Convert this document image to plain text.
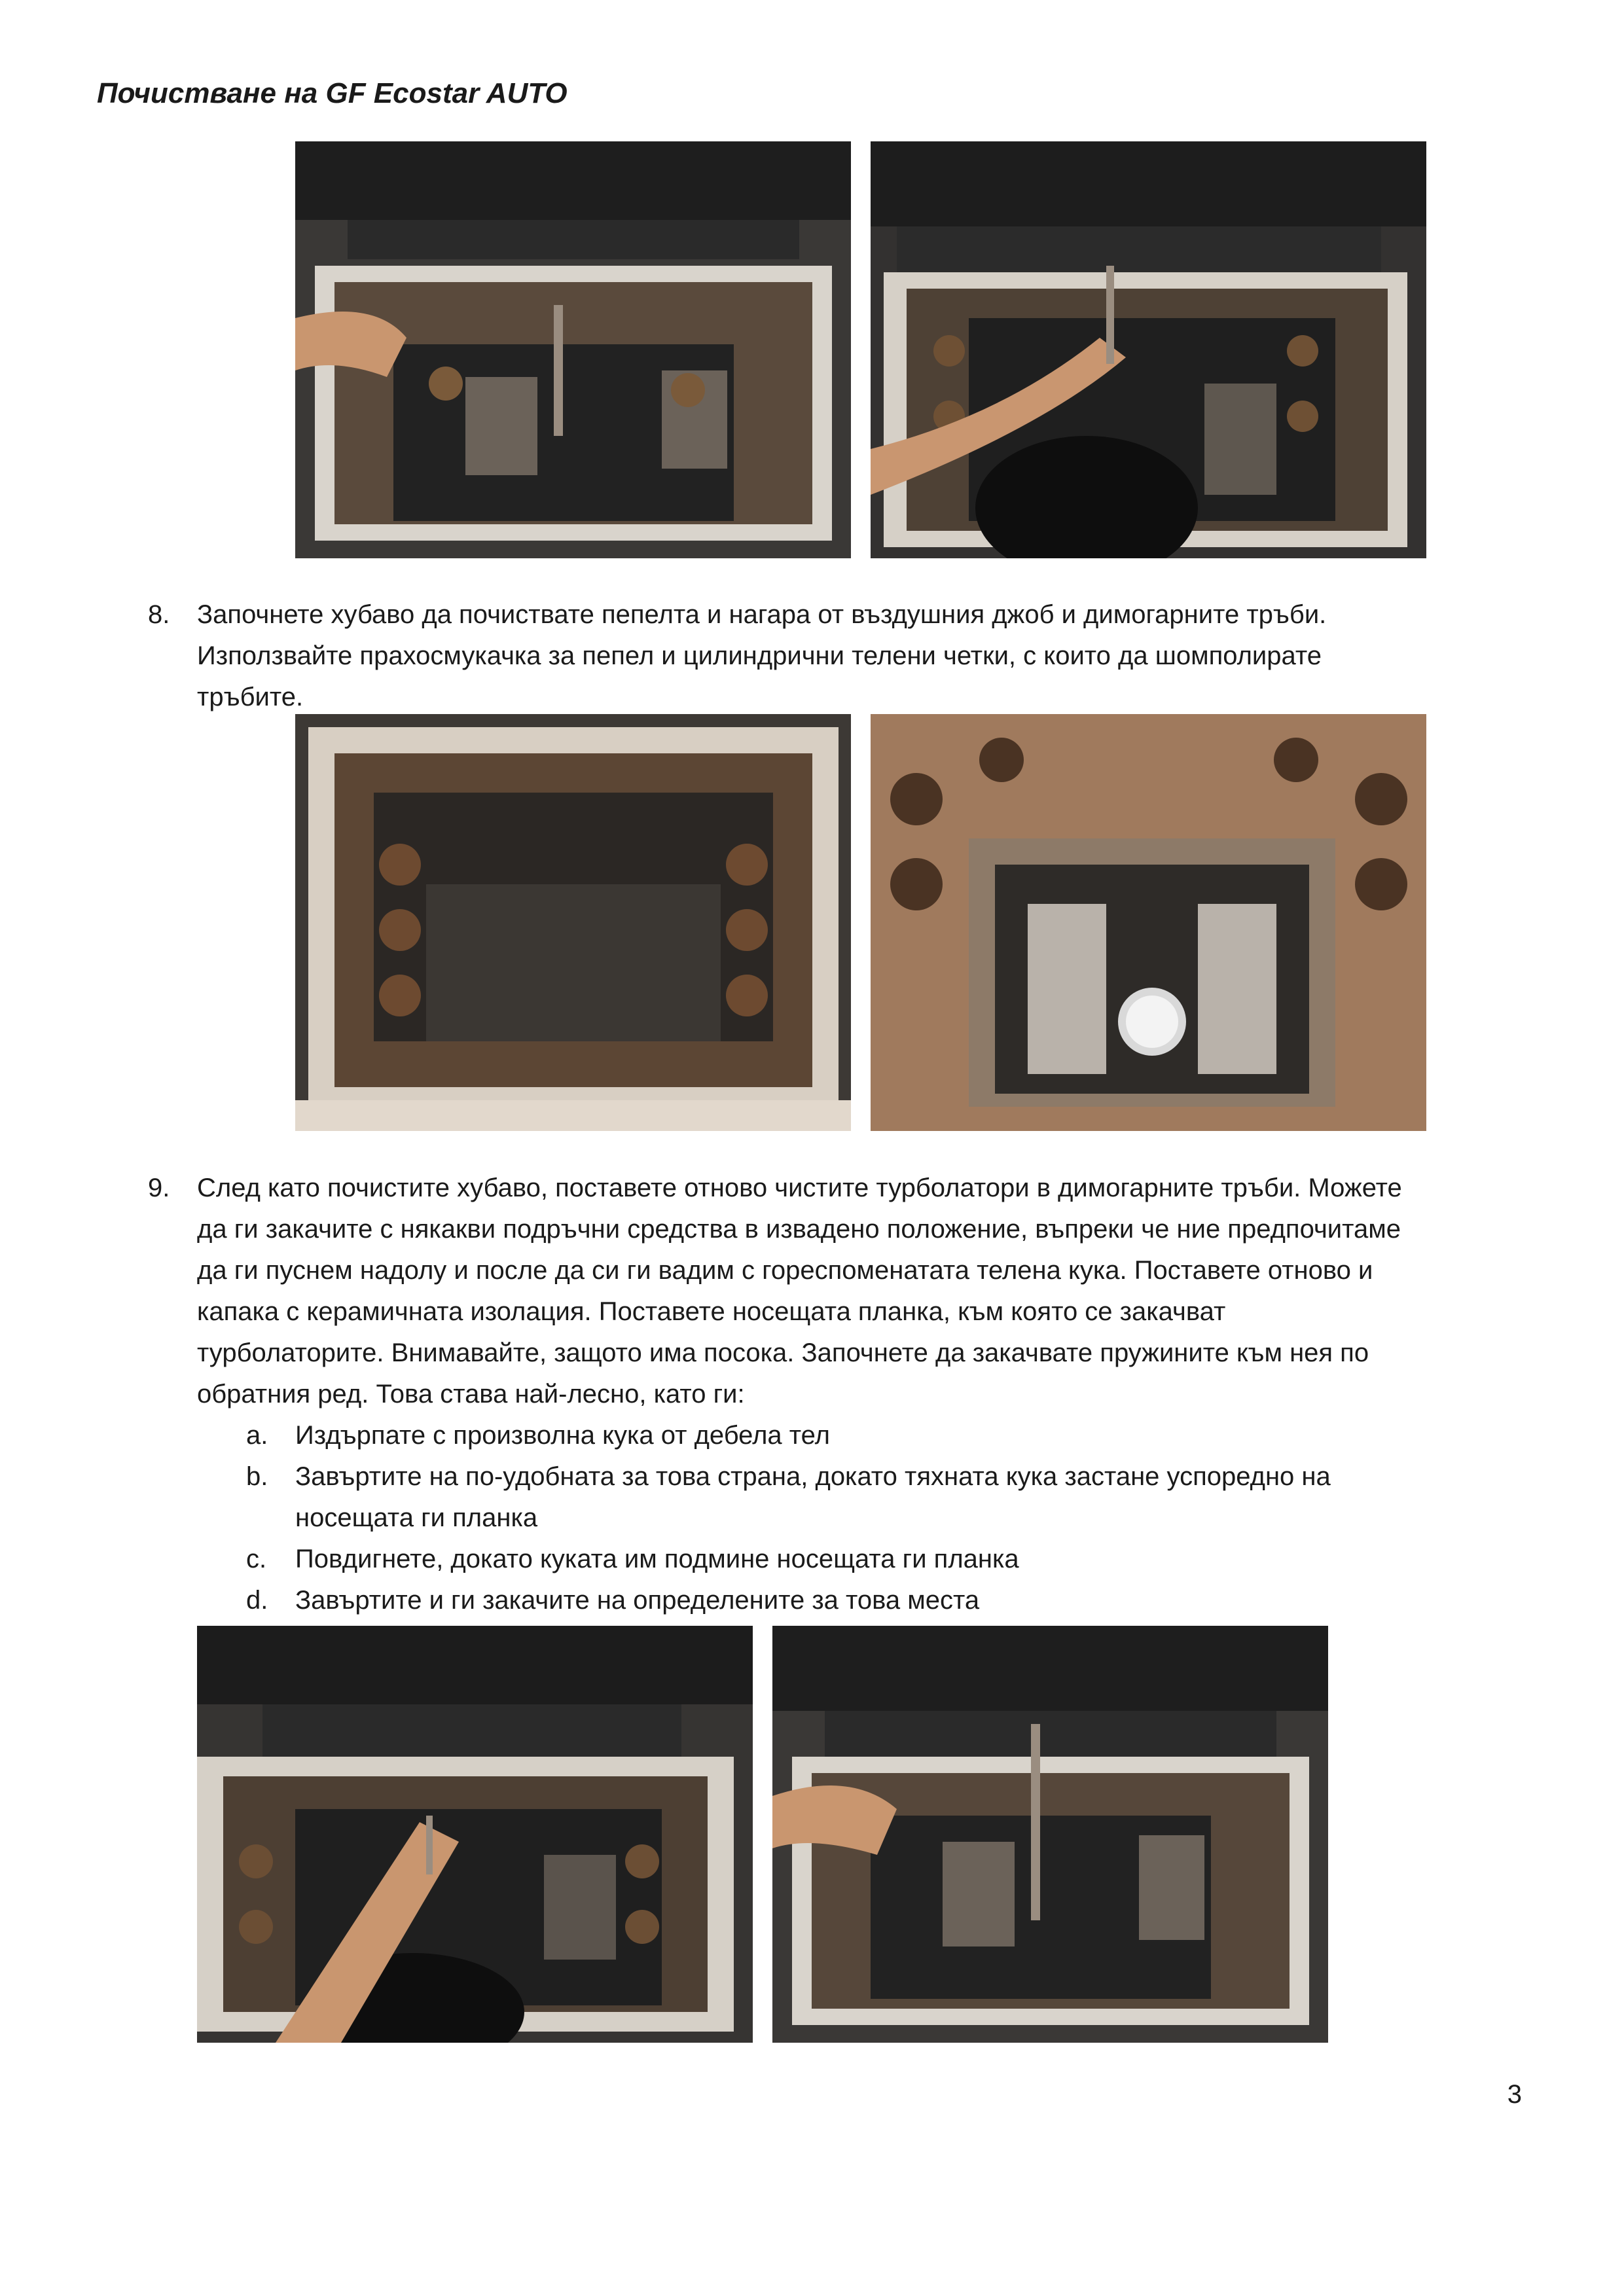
Почистване на GF Ecostar AUTO
8. Започнете хубаво да почиствате пепелта и нагара от въздушния джоб и димогарните тръби.
Използвайте прахосмукачка за пепел и цилиндрични телени четки, с които да шомполирате
тръбите.
9. След като почистите хубаво, поставете отново чистите турболатори в димогарните тръби. Можете
да ги закачите с някакви подръчни средства в извадено положение, въпреки че ние предпочитаме
да ги пуснем надолу и после да си ги вадим с гореспоменатата телена кука. Поставете отново и
капака с керамичната изолация. Поставете носещата планка, към която се закачват
турболаторите. Внимавайте, защото има посока. Започнете да закачвате пружините към нея по
обратния ред. Това става най-лесно, като ги:
a. Издърпате с произволна кука от дебела тел
b. Завъртите на по-удобната за това страна, докато тяхната кука застане успоредно на
носещата ги планка
c. Повдигнете, докато куката им подмине носещата ги планка
d. Завъртите и ги закачите на определените за това места
3
